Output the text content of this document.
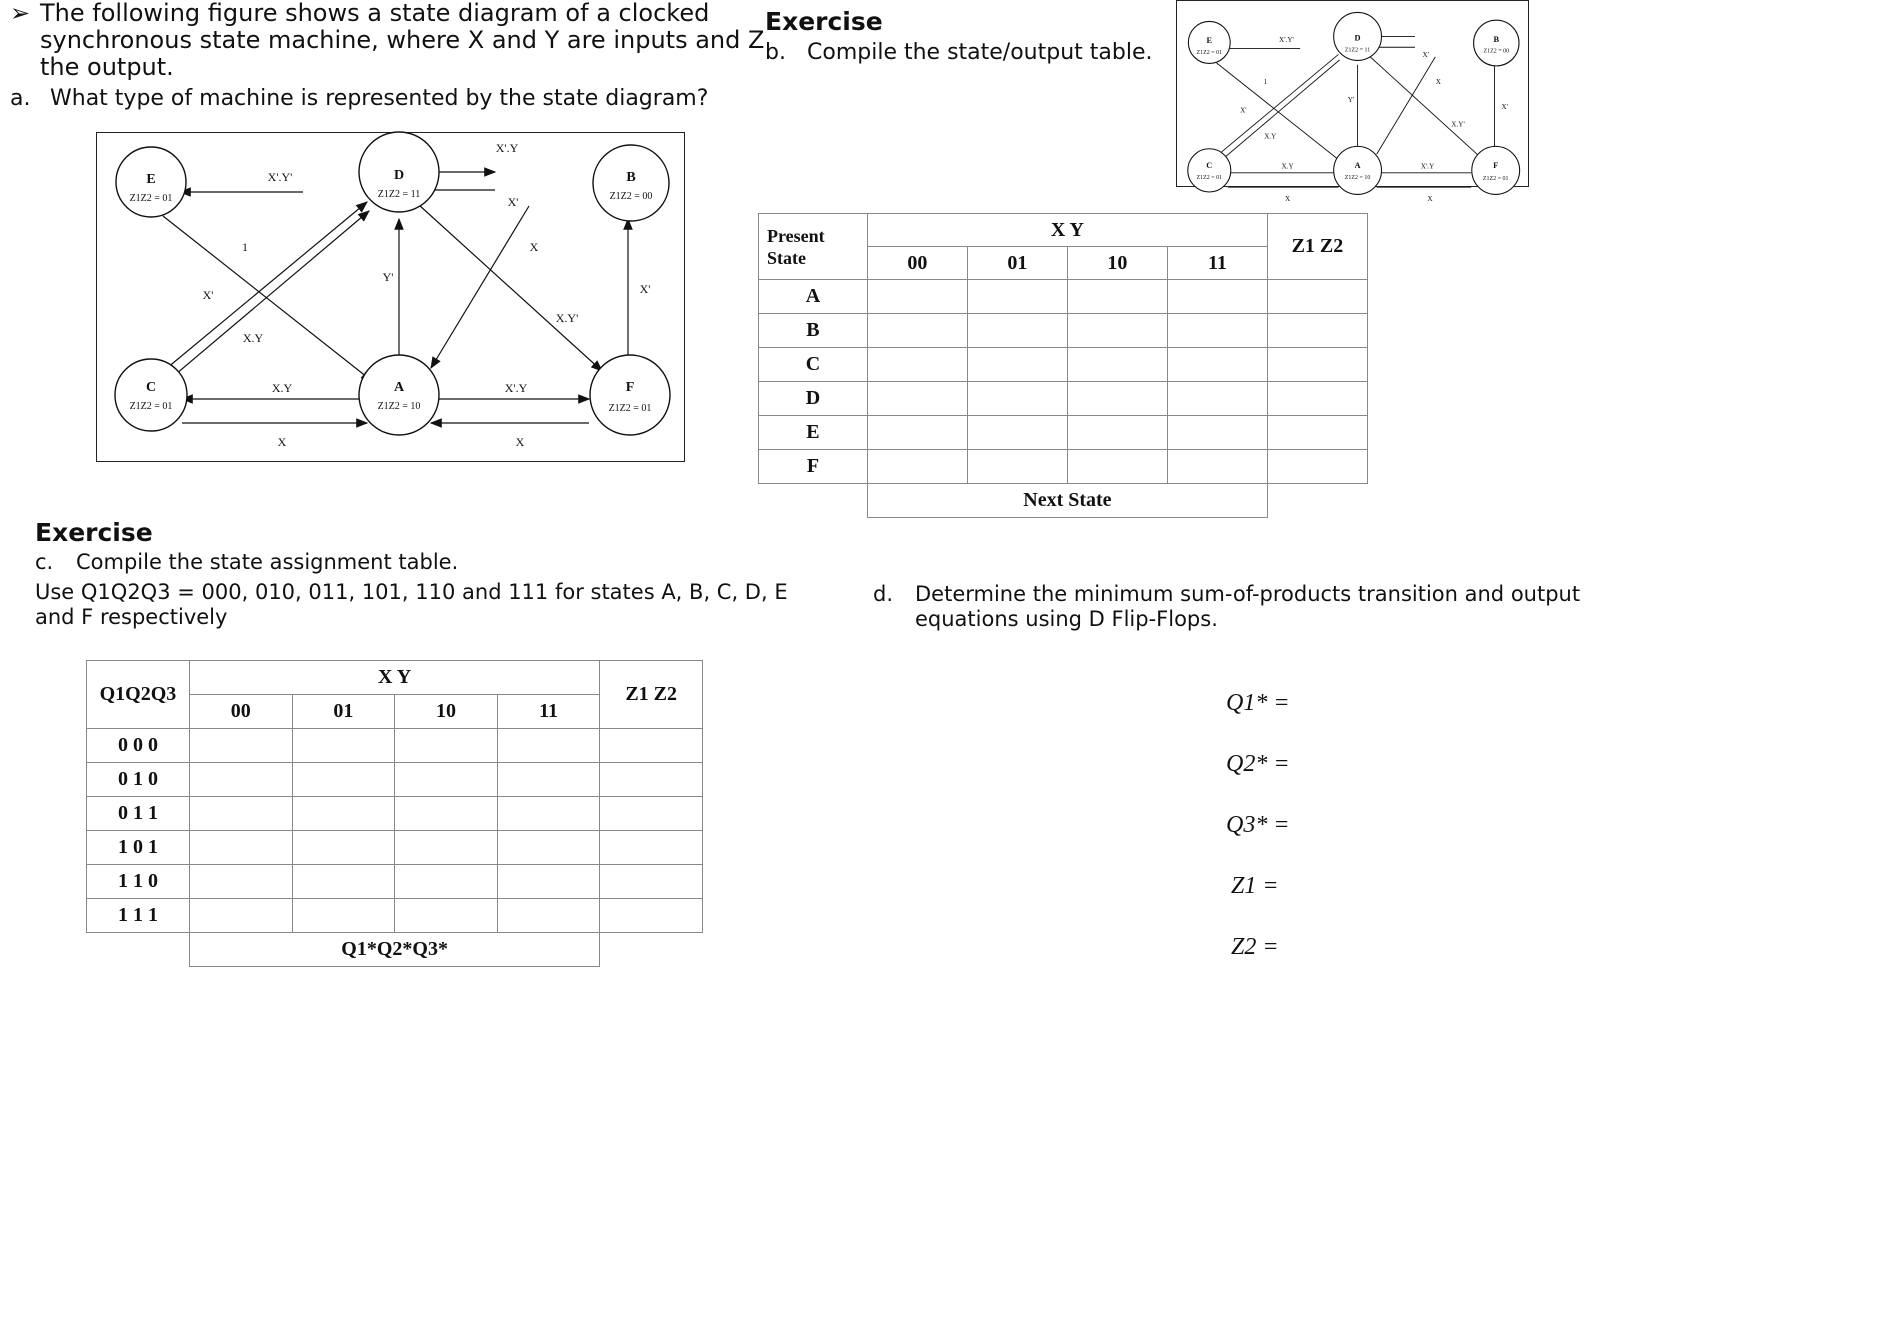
➢ The following figure shows a state diagram of a clocked
synchronous state machine, where X and Y are inputs and Z
the output.
a. What type of machine is represented by the state diagram?
E	D	B
C	A	F
Z1Z2 = 01	Z1Z2 = 11	Z1Z2 = 00
Z1Z2 = 01	Z1Z2 = 10	Z1Z2 = 01
X'.Y'
X'.Y
X'
1	X
Y'
X'
X'
X.Y'
X.Y
X.Y	X'.Y
X	X
Exercise
b. Compile the state/output table.	E	D	B
C	A	F
Z1Z2 = 01	Z1Z2 = 11	Z1Z2 = 00
Z1Z2 = 01	Z1Z2 = 10	Z1Z2 = 01
X'.Y'
X'
1	X
Y'
X'
X'
X.Y'
X.Y
X.Y	X'.Y
X	X
Present
State	X Y				Z1 Z2
	00	01	10	11	
A					
B					
C					
D					
E					
F					
	Next State				
Exercise
c. Compile the state assignment table.
Use Q1Q2Q3 = 000, 010, 011, 101, 110 and 111 for states A, B, C, D, E
and F respectively
Q1Q2Q3	X Y				Z1 Z2
	00	01	10	11	
0 0 0					
0 1 0					
0 1 1					
1 0 1					
1 1 0					
1 1 1					
	Q1*Q2*Q3*				
d. Determine the minimum sum-of-products transition and output
equations using D Flip-Flops.
Q1* =
Q2* =
Q3* =
Z1 =
Z2 =
